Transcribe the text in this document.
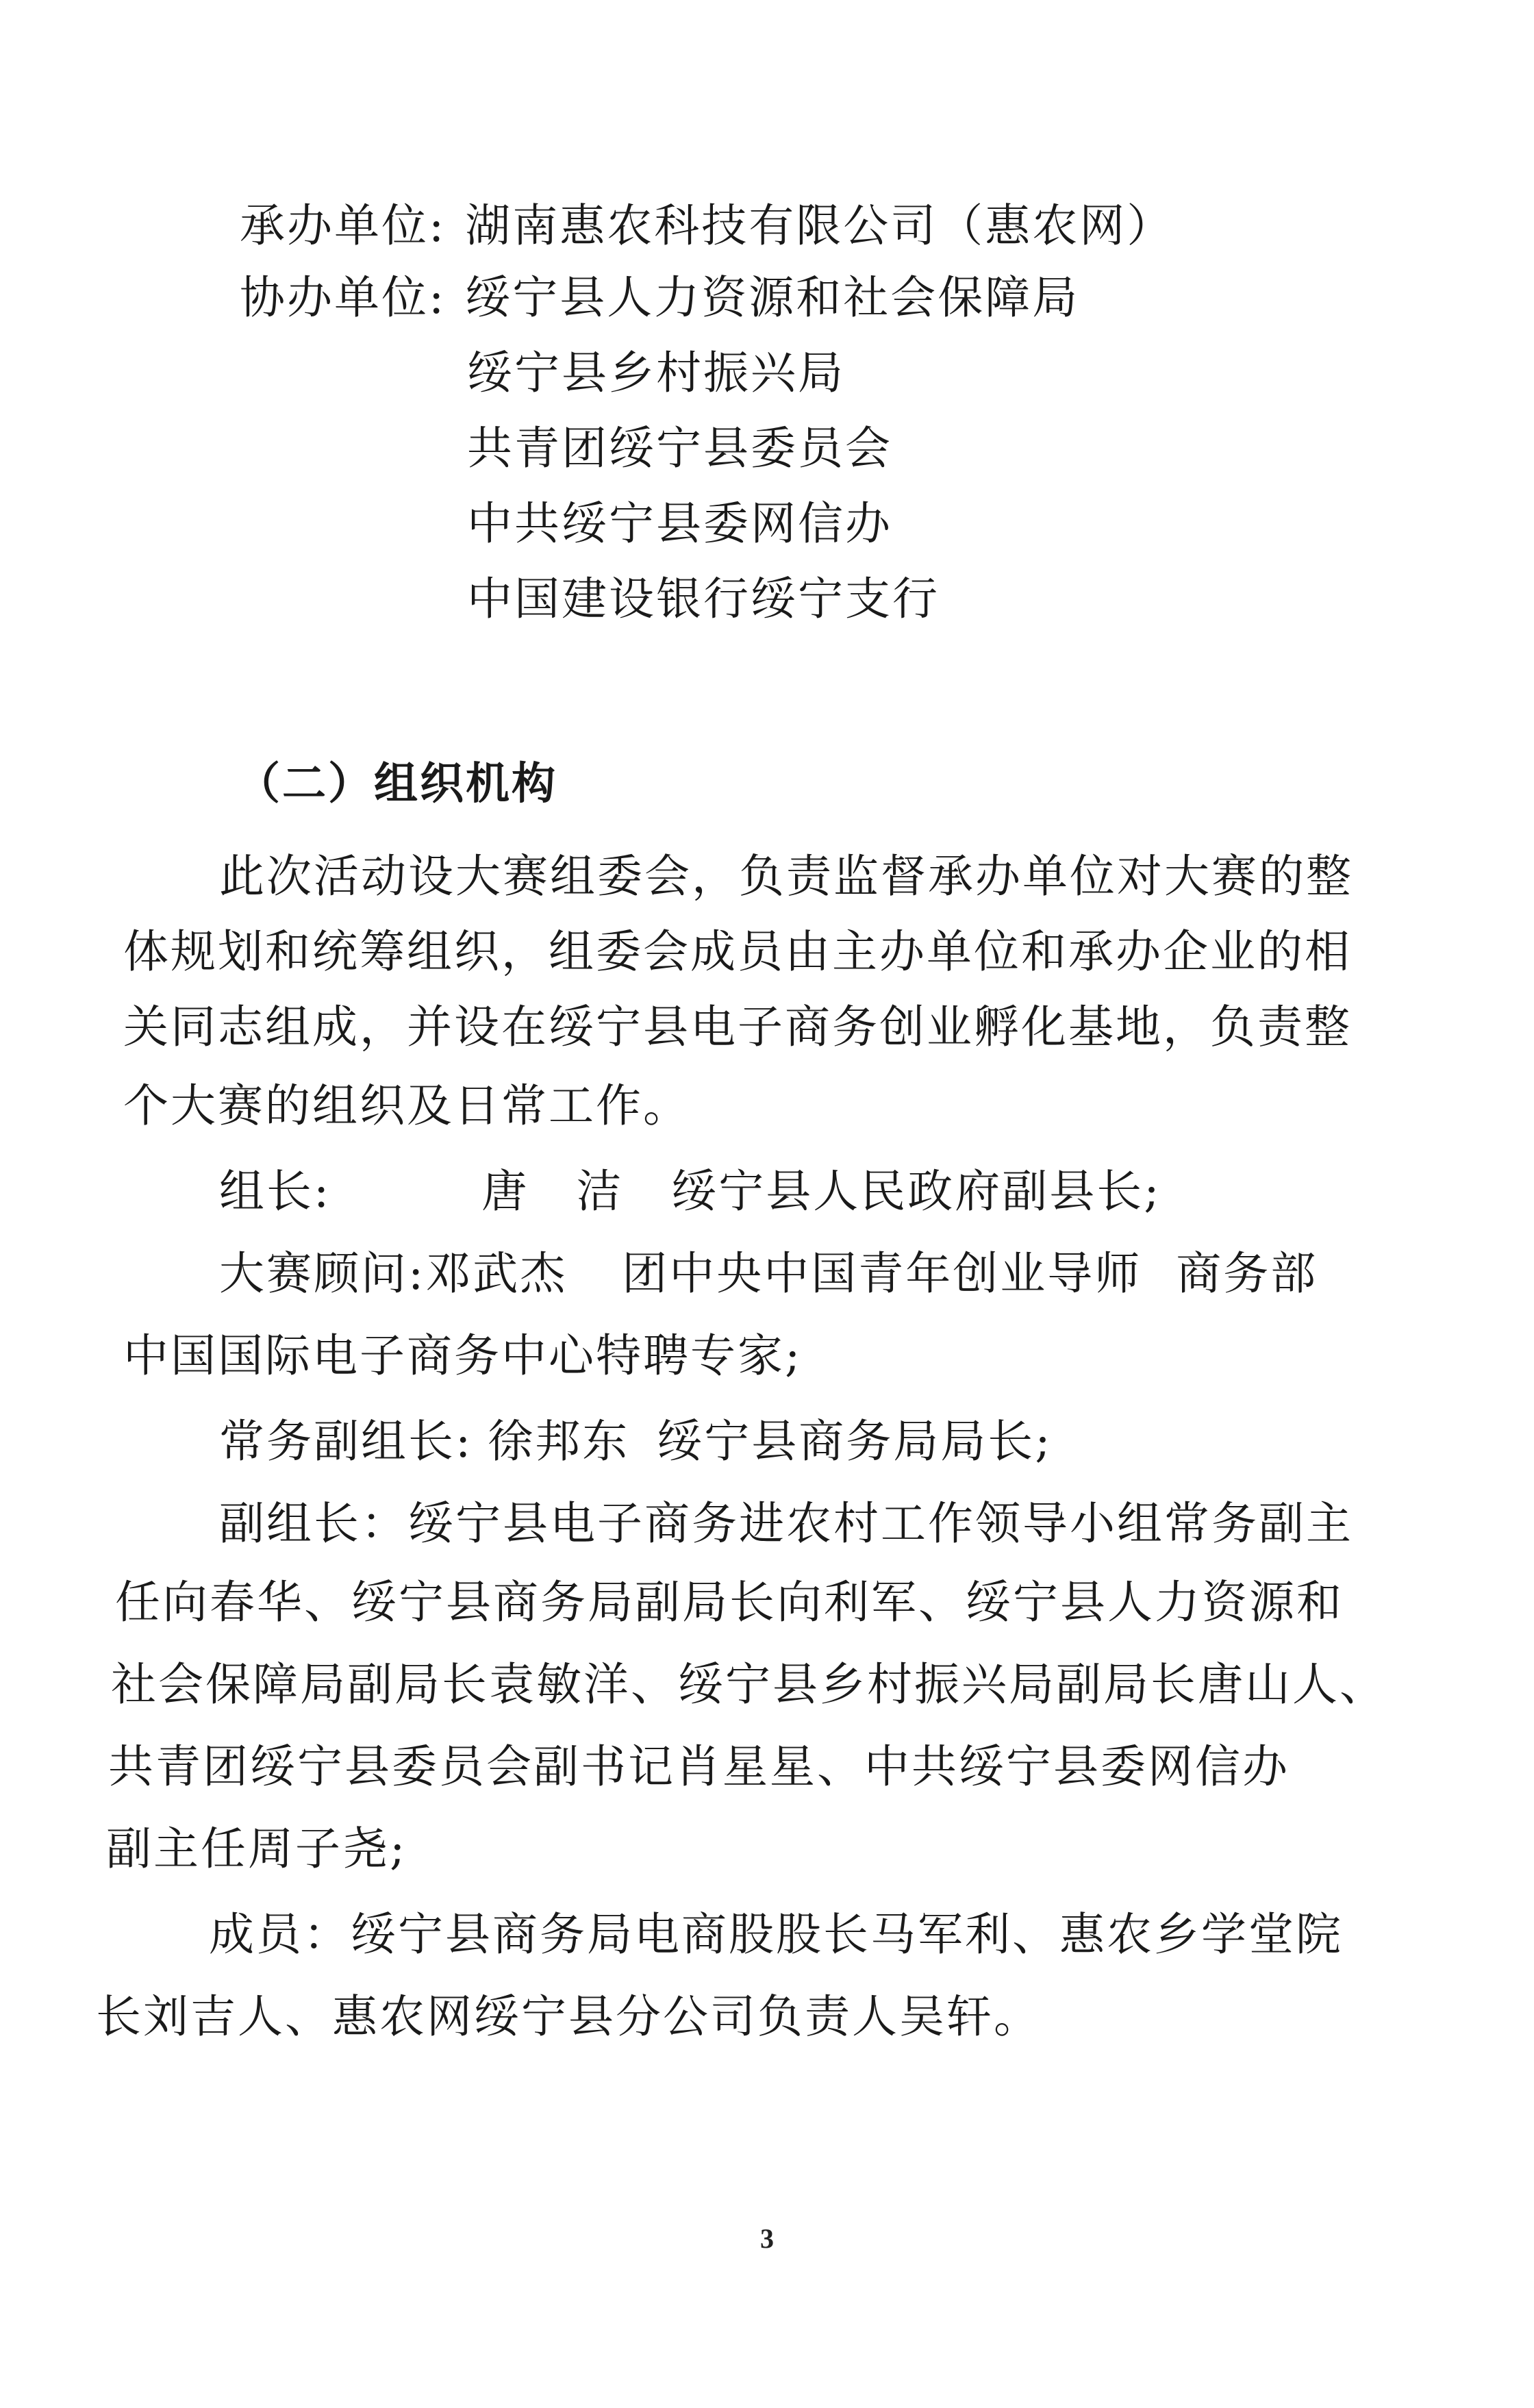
承办单位: 湖南惠农科技有限公司（惠农网）
协办单位: 绥宁县人力资源和社会保障局
绥宁县乡村振兴局
共青团绥宁县委员会
中共绥宁县委网信办
中国建设银行绥宁支行
（二）组织机构
此次活动设大赛组委会，负责监督承办单位对大赛的整
体规划和统筹组织，组委会成员由主办单位和承办企业的相
关同志组成，并设在绥宁县电子商务创业孵化基地，负责整
个大赛的组织及日常工作。
组长:	唐　洁 绥宁县人民政府副县长;
大赛顾问:邓武杰 团中央中国青年创业导师 商务部
中国国际电子商务中心特聘专家;
常务副组长: 徐邦东 绥宁县商务局局长;
副组长：绥宁县电子商务进农村工作领导小组常务副主
任向春华、绥宁县商务局副局长向利军、绥宁县人力资源和
社会保障局副局长袁敏洋、绥宁县乡村振兴局副局长唐山人、
共青团绥宁县委员会副书记肖星星、中共绥宁县委网信办
副主任周子尧;
成员：绥宁县商务局电商股股长马军利、惠农乡学堂院
长刘吉人、惠农网绥宁县分公司负责人吴轩。
3
